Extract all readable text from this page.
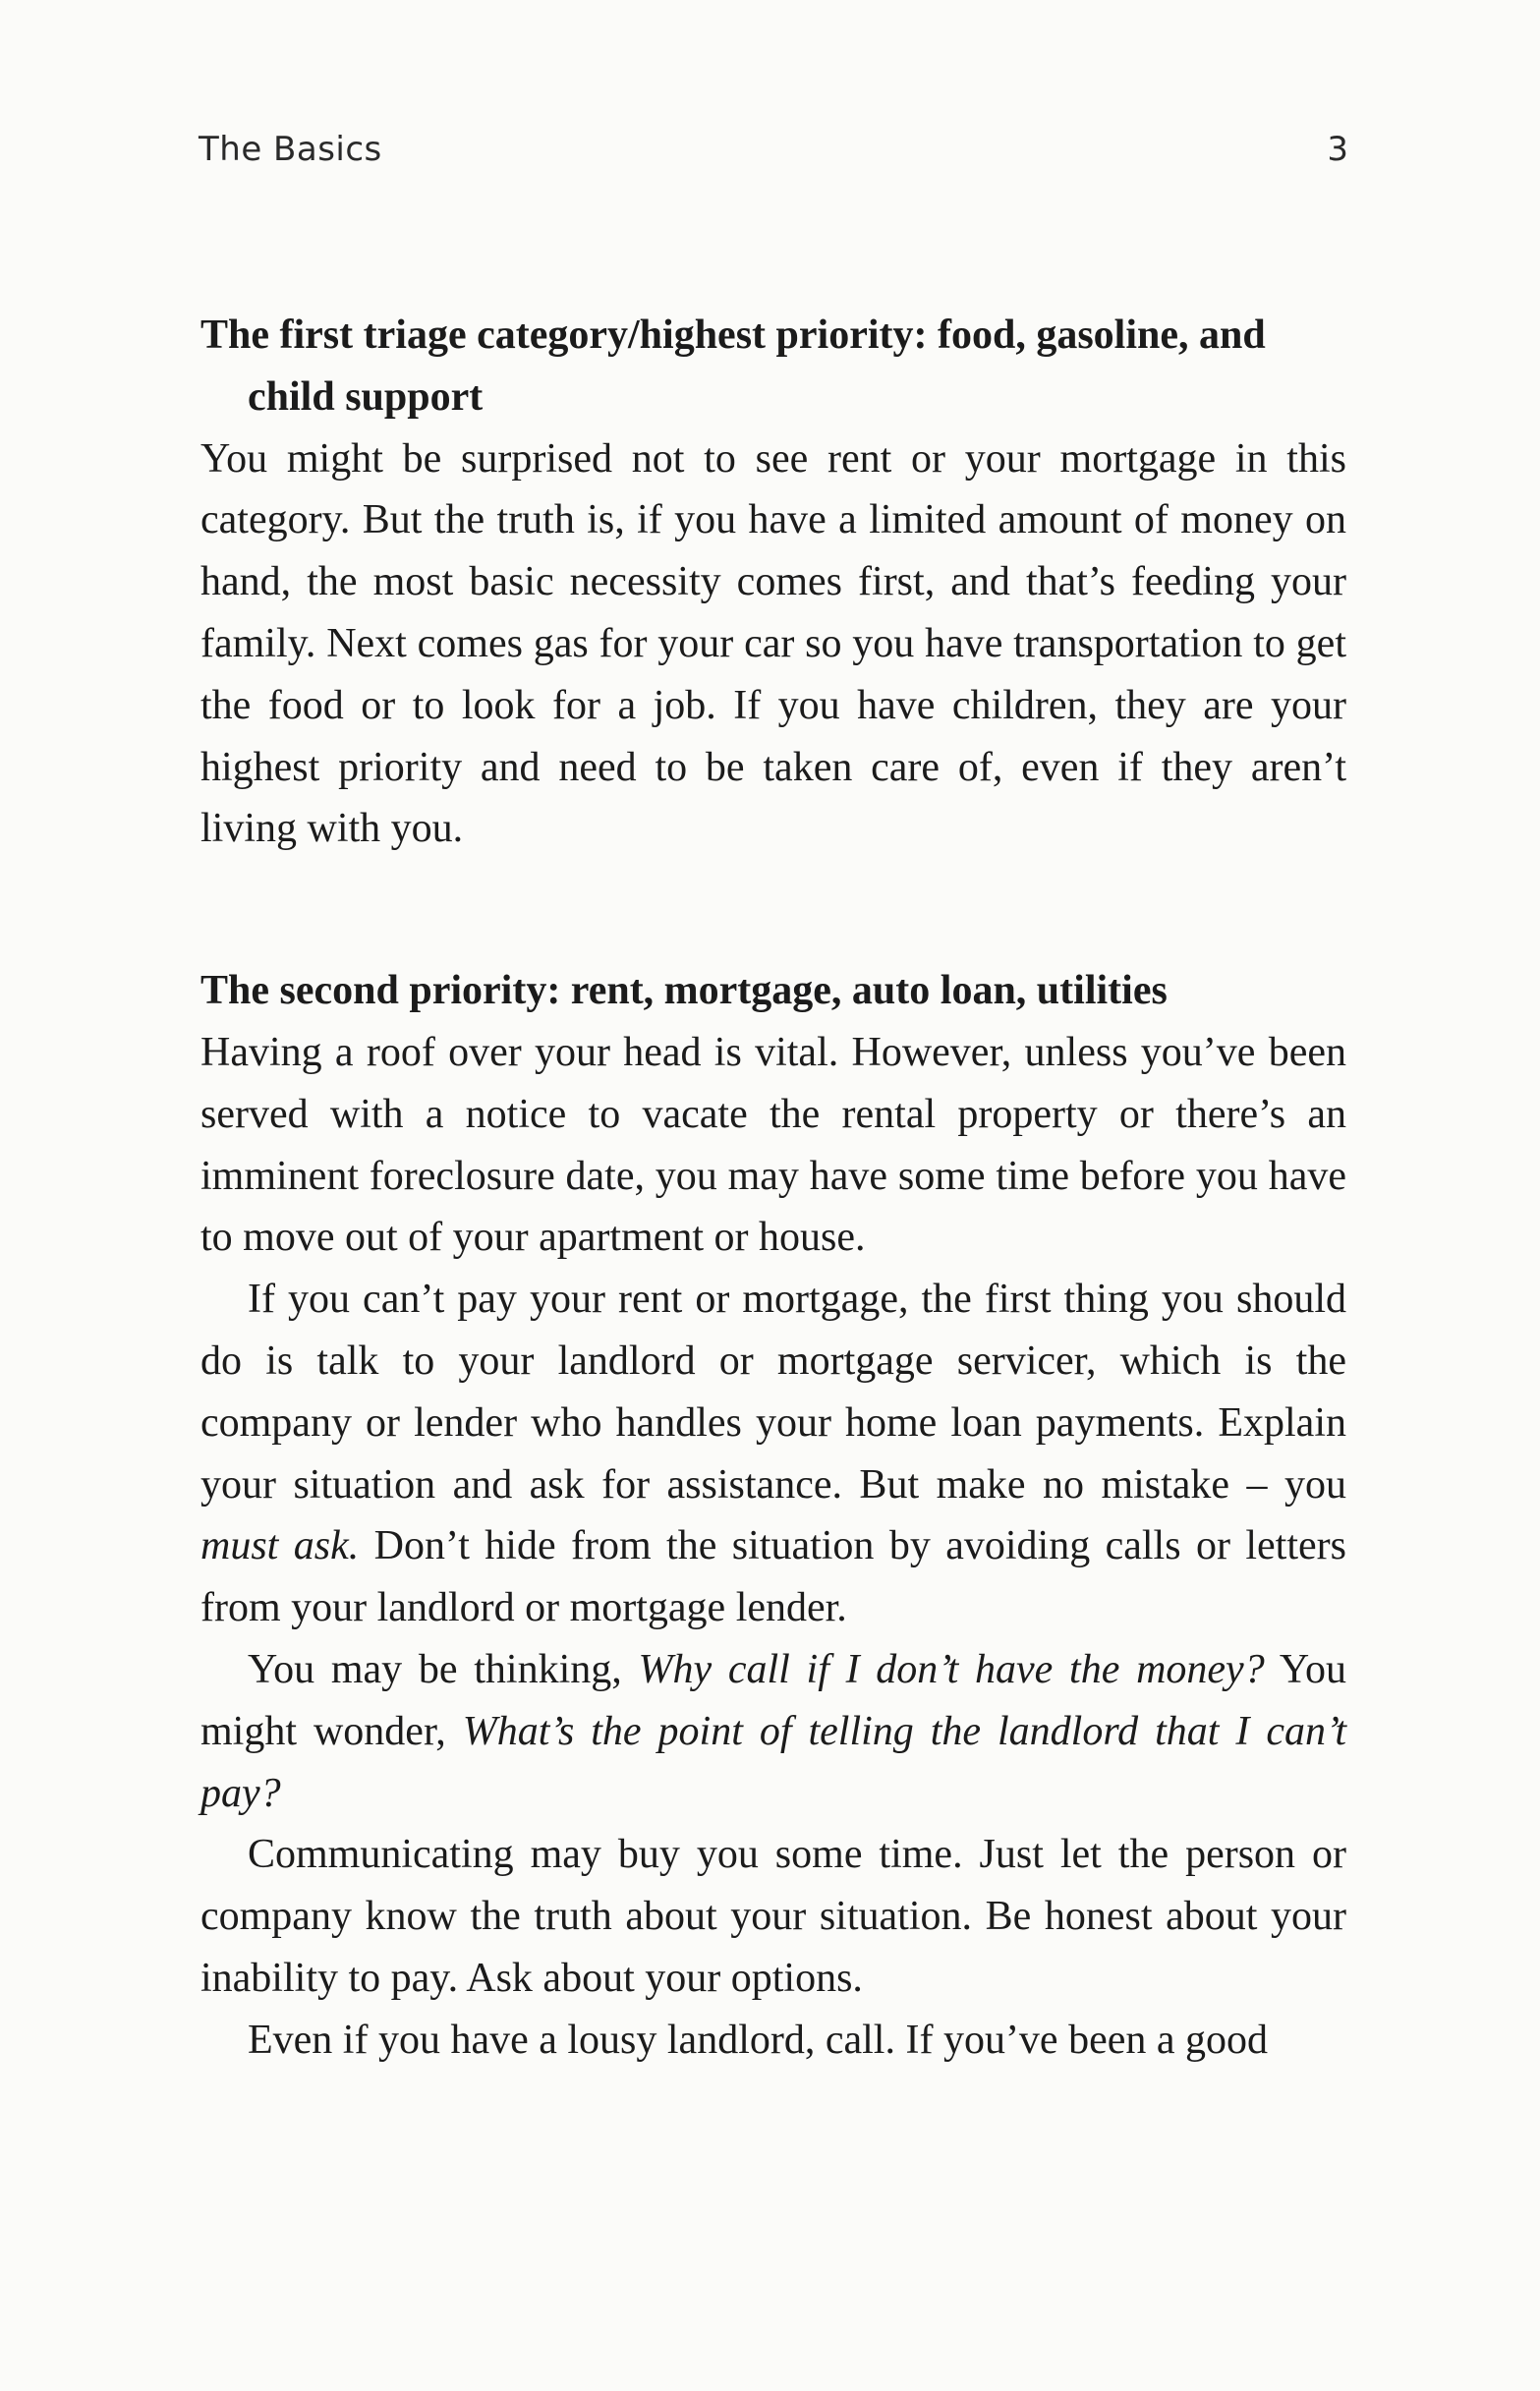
The Basics	3

The first triage category/highest priority: food, gasoline, and child support

You might be surprised not to see rent or your mortgage in this category. But the truth is, if you have a limited amount of money on hand, the most basic necessity comes first, and that’s feeding your family. Next comes gas for your car so you have transportation to get the food or to look for a job. If you have children, they are your highest priority and need to be taken care of, even if they aren’t living with you.

The second priority: rent, mortgage, auto loan, utilities

Having a roof over your head is vital. However, unless you’ve been served with a notice to vacate the rental property or there’s an imminent foreclosure date, you may have some time before you have to move out of your apartment or house.

If you can’t pay your rent or mortgage, the first thing you should do is talk to your landlord or mortgage servicer, which is the company or lender who handles your home loan payments. Explain your situation and ask for assistance. But make no mistake – you must ask. Don’t hide from the situation by avoiding calls or letters from your landlord or mortgage lender.

You may be thinking, Why call if I don’t have the money? You might wonder, What’s the point of telling the landlord that I can’t pay?

Communicating may buy you some time. Just let the person or company know the truth about your situation. Be honest about your inability to pay. Ask about your options.

Even if you have a lousy landlord, call. If you’ve been a good
